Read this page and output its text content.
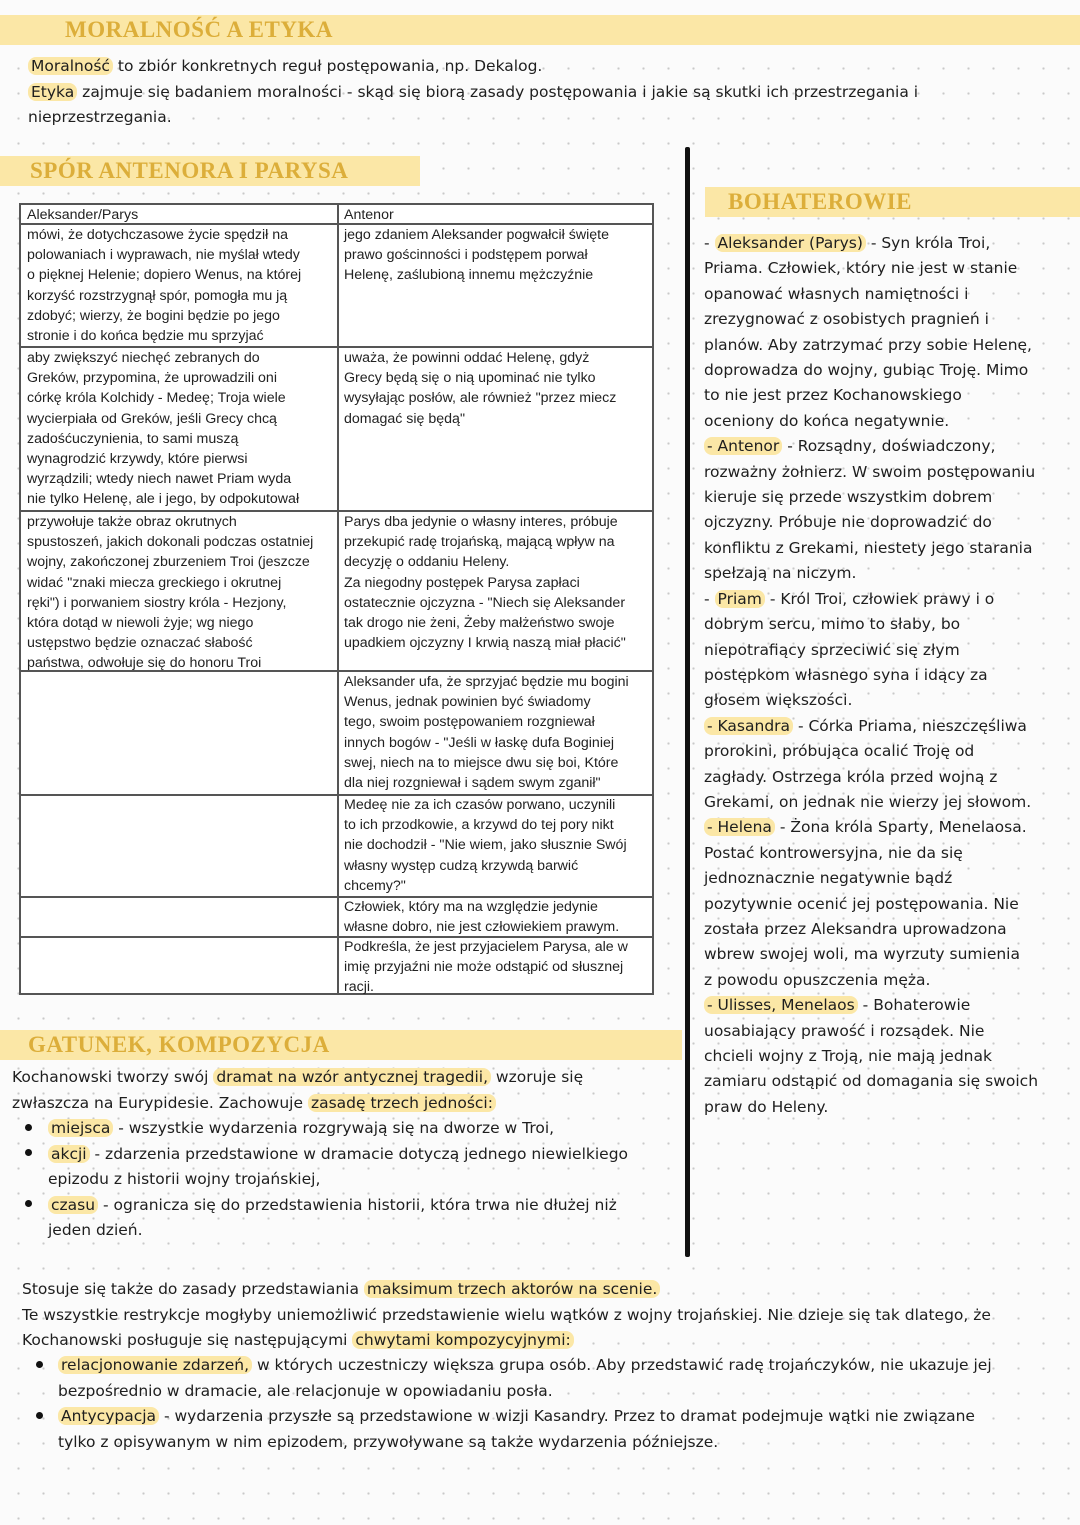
MORALNOŚĆ A ETYKA
Moralność to zbiór konkretnych reguł postępowania, np. Dekalog.
Etyka zajmuje się badaniem moralności - skąd się biorą zasady postępowania i jakie są skutki ich przestrzegania i
nieprzestrzegania.
SPÓR ANTENORA I PARYSA
Aleksander/Parys	Antenor
mówi, że dotychczasowe życie spędził na
polowaniach i wyprawach, nie myślał wtedy
o pięknej Helenie; dopiero Wenus, na której
korzyść rozstrzygnął spór, pomogła mu ją
zdobyć; wierzy, że bogini będzie po jego
stronie i do końca będzie mu sprzyjać
jego zdaniem Aleksander pogwałcił święte
prawo gościnności i podstępem porwał
Helenę, zaślubioną innemu mężczyźnie
aby zwiększyć niechęć zebranych do
Greków, przypomina, że uprowadzili oni
córkę króla Kolchidy - Medeę; Troja wiele
wycierpiała od Greków, jeśli Grecy chcą
zadośćuczynienia, to sami muszą
wynagrodzić krzywdy, które pierwsi
wyrządzili; wtedy niech nawet Priam wyda
nie tylko Helenę, ale i jego, by odpokutował
uważa, że powinni oddać Helenę, gdyż
Grecy będą się o nią upominać nie tylko
wysyłając posłów, ale również "przez miecz
domagać się będą"
przywołuje także obraz okrutnych
spustoszeń, jakich dokonali podczas ostatniej
wojny, zakończonej zburzeniem Troi (jeszcze
widać "znaki miecza greckiego i okrutnej
ręki") i porwaniem siostry króla - Hezjony,
która dotąd w niewoli żyje; wg niego
ustępstwo będzie oznaczać słabość
państwa, odwołuje się do honoru Troi
Parys dba jedynie o własny interes, próbuje
przekupić radę trojańską, mającą wpływ na
decyzję o oddaniu Heleny.
Za niegodny postępek Parysa zapłaci
ostatecznie ojczyzna - "Niech się Aleksander
tak drogo nie żeni, Żeby małżeństwo swoje
upadkiem ojczyzny I krwią naszą miał płacić"
Aleksander ufa, że sprzyjać będzie mu bogini
Wenus, jednak powinien być świadomy
tego, swoim postępowaniem rozgniewał
innych bogów - "Jeśli w łaskę dufa Boginiej
swej, niech na to miejsce dwu się boi, Które
dla niej rozgniewał i sądem swym zganił"
Medeę nie za ich czasów porwano, uczynili
to ich przodkowie, a krzywd do tej pory nikt
nie dochodził - "Nie wiem, jako słusznie Swój
własny występ cudzą krzywdą barwić
chcemy?"
Człowiek, który ma na względzie jedynie
własne dobro, nie jest człowiekiem prawym.
Podkreśla, że jest przyjacielem Parysa, ale w
imię przyjaźni nie może odstąpić od słusznej
racji.
BOHATEROWIE
- Aleksander (Parys) - Syn króla Troi,
Priama. Człowiek, który nie jest w stanie
opanować własnych namiętności i
zrezygnować z osobistych pragnień i
planów. Aby zatrzymać przy sobie Helenę,
doprowadza do wojny, gubiąc Troję. Mimo
to nie jest przez Kochanowskiego
oceniony do końca negatywnie.
- Antenor - Rozsądny, doświadczony,
rozważny żołnierz. W swoim postępowaniu
kieruje się przede wszystkim dobrem
ojczyzny. Próbuje nie doprowadzić do
konfliktu z Grekami, niestety jego starania
spełzają na niczym.
- Priam - Król Troi, człowiek prawy i o
dobrym sercu, mimo to słaby, bo
niepotrafiący sprzeciwić się złym
postępkom własnego syna i idący za
głosem większości.
- Kasandra - Córka Priama, nieszczęśliwa
prorokini, próbująca ocalić Troję od
zagłady. Ostrzega króla przed wojną z
Grekami, on jednak nie wierzy jej słowom.
- Helena - Żona króla Sparty, Menelaosa.
Postać kontrowersyjna, nie da się
jednoznacznie negatywnie bądź
pozytywnie ocenić jej postępowania. Nie
została przez Aleksandra uprowadzona
wbrew swojej woli, ma wyrzuty sumienia
z powodu opuszczenia męża.
- Ulisses, Menelaos - Bohaterowie
uosabiający prawość i rozsądek. Nie
chcieli wojny z Troją, nie mają jednak
zamiaru odstąpić od domagania się swoich
praw do Heleny.
GATUNEK, KOMPOZYCJA
Kochanowski tworzy swój dramat na wzór antycznej tragedii, wzoruje się
zwłaszcza na Eurypidesie. Zachowuje zasadę trzech jedności:
miejsca - wszystkie wydarzenia rozgrywają się na dworze w Troi,
akcji - zdarzenia przedstawione w dramacie dotyczą jednego niewielkiego
epizodu z historii wojny trojańskiej,
czasu - ogranicza się do przedstawienia historii, która trwa nie dłużej niż
jeden dzień.
Stosuje się także do zasady przedstawiania maksimum trzech aktorów na scenie.
Te wszystkie restrykcje mogłyby uniemożliwić przedstawienie wielu wątków z wojny trojańskiej. Nie dzieje się tak dlatego, że
Kochanowski posługuje się następującymi chwytami kompozycyjnymi:
relacjonowanie zdarzeń, w których uczestniczy większa grupa osób. Aby przedstawić radę trojańczyków, nie ukazuje jej
bezpośrednio w dramacie, ale relacjonuje w opowiadaniu posła.
Antycypacja - wydarzenia przyszłe są przedstawione w wizji Kasandry. Przez to dramat podejmuje wątki nie związane
tylko z opisywanym w nim epizodem, przywoływane są także wydarzenia późniejsze.
